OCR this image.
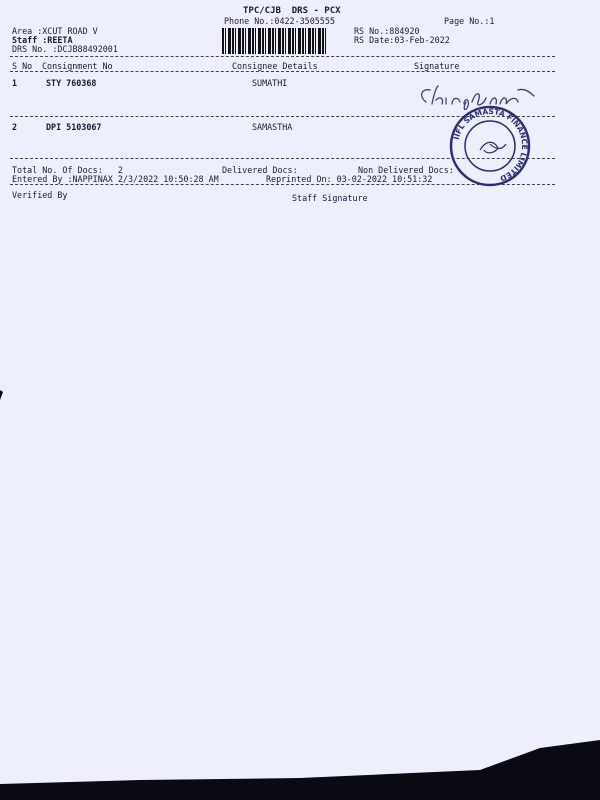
TPC/CJB  DRS - PCX
Phone No.:0422-3505555	Page No.:1
Area :XCUT ROAD V
Staff :REETA
DRS No. :DCJB88492001
RS No.:884920
RS Date:03-Feb-2022
S No Consignment No	Consignee Details	Signature
1	STY 760368	SUMATHI
2	DPI 5103067	SAMASTHA
Total No. Of Docs:   2	Delivered Docs:	Non Delivered Docs:
Entered By :NAPPINAX 2/3/2022 10:50:28 AM	Reprinted On: 03-02-2022 10:51:32
Verified By	Staff Signature
IIFL SAMASTA FINANCE LIMITED
